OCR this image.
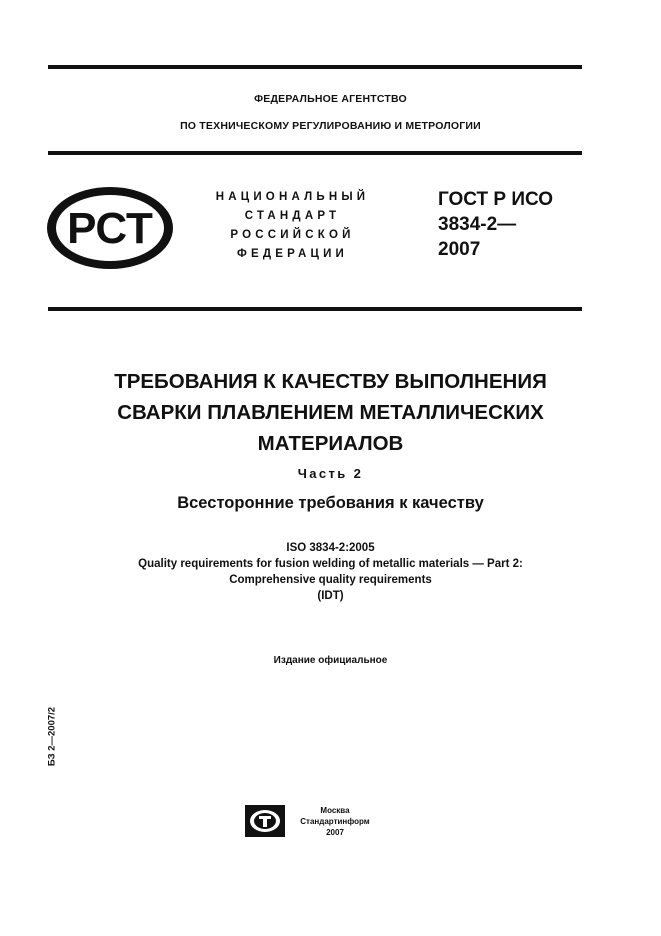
ФЕДЕРАЛЬНОЕ АГЕНТСТВО
ПО ТЕХНИЧЕСКОМУ РЕГУЛИРОВАНИЮ И МЕТРОЛОГИИ
РСТ
НАЦИОНАЛЬНЫЙ
СТАНДАРТ
РОССИЙСКОЙ
ФЕДЕРАЦИИ
ГОСТ Р ИСО
3834-2—
2007
ТРЕБОВАНИЯ К КАЧЕСТВУ ВЫПОЛНЕНИЯ
СВАРКИ ПЛАВЛЕНИЕМ МЕТАЛЛИЧЕСКИХ
МАТЕРИАЛОВ
Часть 2
Всесторонние требования к качеству
ISO 3834-2:2005
Quality requirements for fusion welding of metallic materials — Part 2:
Comprehensive quality requirements
(IDT)
Издание официальное
БЗ 2—2007/2
Москва
Стандартинформ
2007
